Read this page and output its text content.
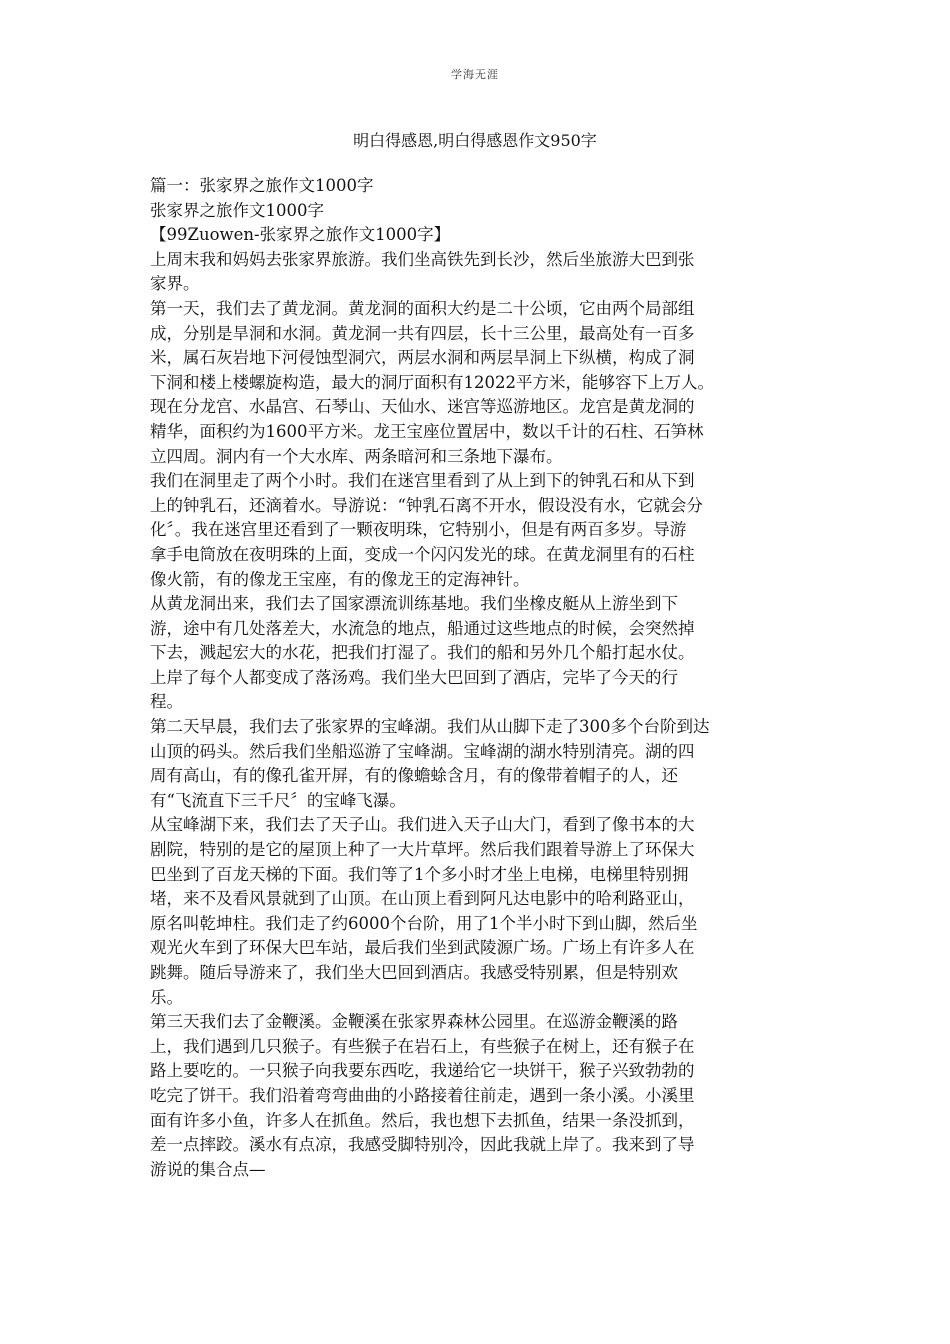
学海无涯
明白得感恩,明白得感恩作文950字
篇一：张家界之旅作文1000字
张家界之旅作文1000字
【99Zuowen-张家界之旅作文1000字】
上周末我和妈妈去张家界旅游。我们坐高铁先到长沙，然后坐旅游大巴到张
家界。
第一天，我们去了黄龙洞。黄龙洞的面积大约是二十公顷，它由两个局部组
成，分别是旱洞和水洞。黄龙洞一共有四层，长十三公里，最高处有一百多
米，属石灰岩地下河侵蚀型洞穴，两层水洞和两层旱洞上下纵横，构成了洞
下洞和楼上楼螺旋构造，最大的洞厅面积有12022平方米，能够容下上万人。
现在分龙宫、水晶宫、石琴山、天仙水、迷宫等巡游地区。龙宫是黄龙洞的
精华，面积约为1600平方米。龙王宝座位置居中，数以千计的石柱、石笋林
立四周。洞内有一个大水库、两条暗河和三条地下瀑布。
我们在洞里走了两个小时。我们在迷宫里看到了从上到下的钟乳石和从下到
上的钟乳石，还滴着水。导游说：“钟乳石离不开水，假设没有水，它就会分
化〞。我在迷宫里还看到了一颗夜明珠，它特别小，但是有两百多岁。导游
拿手电筒放在夜明珠的上面，变成一个闪闪发光的球。在黄龙洞里有的石柱
像火箭，有的像龙王宝座，有的像龙王的定海神针。
从黄龙洞出来，我们去了国家漂流训练基地。我们坐橡皮艇从上游坐到下
游，途中有几处落差大，水流急的地点，船通过这些地点的时候，会突然掉
下去，溅起宏大的水花，把我们打湿了。我们的船和另外几个船打起水仗。
上岸了每个人都变成了落汤鸡。我们坐大巴回到了酒店，完毕了今天的行
程。
第二天早晨，我们去了张家界的宝峰湖。我们从山脚下走了300多个台阶到达
山顶的码头。然后我们坐船巡游了宝峰湖。宝峰湖的湖水特别清亮。湖的四
周有高山，有的像孔雀开屏，有的像蟾蜍含月，有的像带着帽子的人，还
有“飞流直下三千尺〞的宝峰飞瀑。
从宝峰湖下来，我们去了天子山。我们进入天子山大门，看到了像书本的大
剧院，特别的是它的屋顶上种了一大片草坪。然后我们跟着导游上了环保大
巴坐到了百龙天梯的下面。我们等了1个多小时才坐上电梯，电梯里特别拥
堵，来不及看风景就到了山顶。在山顶上看到阿凡达电影中的哈利路亚山，
原名叫乾坤柱。我们走了约6000个台阶，用了1个半小时下到山脚，然后坐
观光火车到了环保大巴车站，最后我们坐到武陵源广场。广场上有许多人在
跳舞。随后导游来了，我们坐大巴回到酒店。我感受特别累，但是特别欢
乐。
第三天我们去了金鞭溪。金鞭溪在张家界森林公园里。在巡游金鞭溪的路
上，我们遇到几只猴子。有些猴子在岩石上，有些猴子在树上，还有猴子在
路上要吃的。一只猴子向我要东西吃，我递给它一块饼干，猴子兴致勃勃的
吃完了饼干。我们沿着弯弯曲曲的小路接着往前走，遇到一条小溪。小溪里
面有许多小鱼，许多人在抓鱼。然后，我也想下去抓鱼，结果一条没抓到，
差一点摔跤。溪水有点凉，我感受脚特别冷，因此我就上岸了。我来到了导
游说的集合点—
